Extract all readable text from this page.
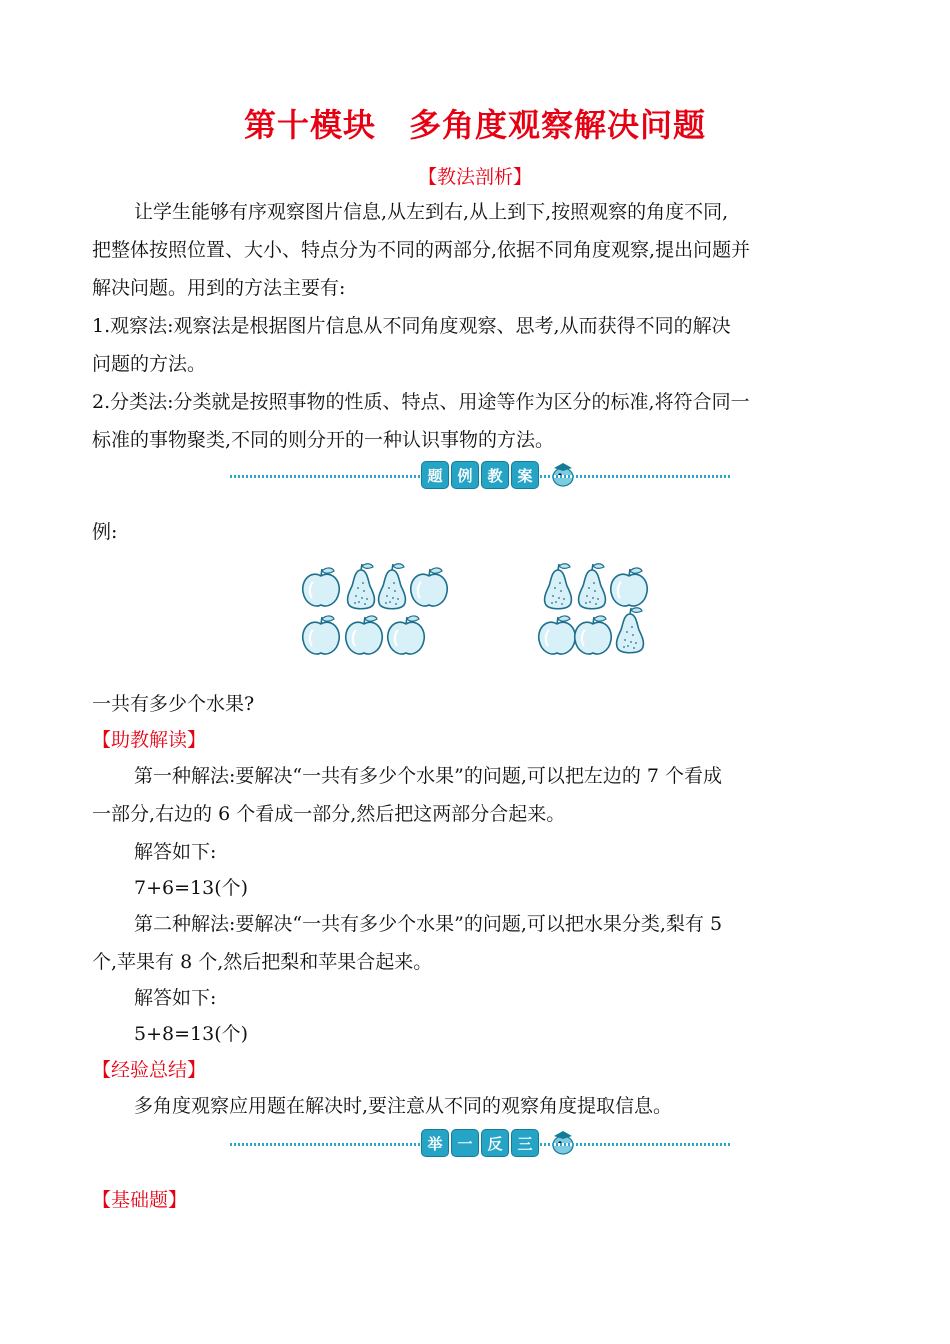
第十模块　多角度观察解决问题
【教法剖析】
让学生能够有序观察图片信息,从左到右,从上到下,按照观察的角度不同,
把整体按照位置、大小、特点分为不同的两部分,依据不同角度观察,提出问题并
解决问题。用到的方法主要有:
1.观察法:观察法是根据图片信息从不同角度观察、思考,从而获得不同的解决
问题的方法。
2.分类法:分类就是按照事物的性质、特点、用途等作为区分的标准,将符合同一
标准的事物聚类,不同的则分开的一种认识事物的方法。
题 例 教 案
例:
一共有多少个水果?
【助教解读】
第一种解法:要解决“一共有多少个水果”的问题,可以把左边的 7 个看成
一部分,右边的 6 个看成一部分,然后把这两部分合起来。
解答如下:
7+6=13(个)
第二种解法:要解决“一共有多少个水果”的问题,可以把水果分类,梨有 5
个,苹果有 8 个,然后把梨和苹果合起来。
解答如下:
5+8=13(个)
【经验总结】
多角度观察应用题在解决时,要注意从不同的观察角度提取信息。
举 一 反 三
【基础题】
